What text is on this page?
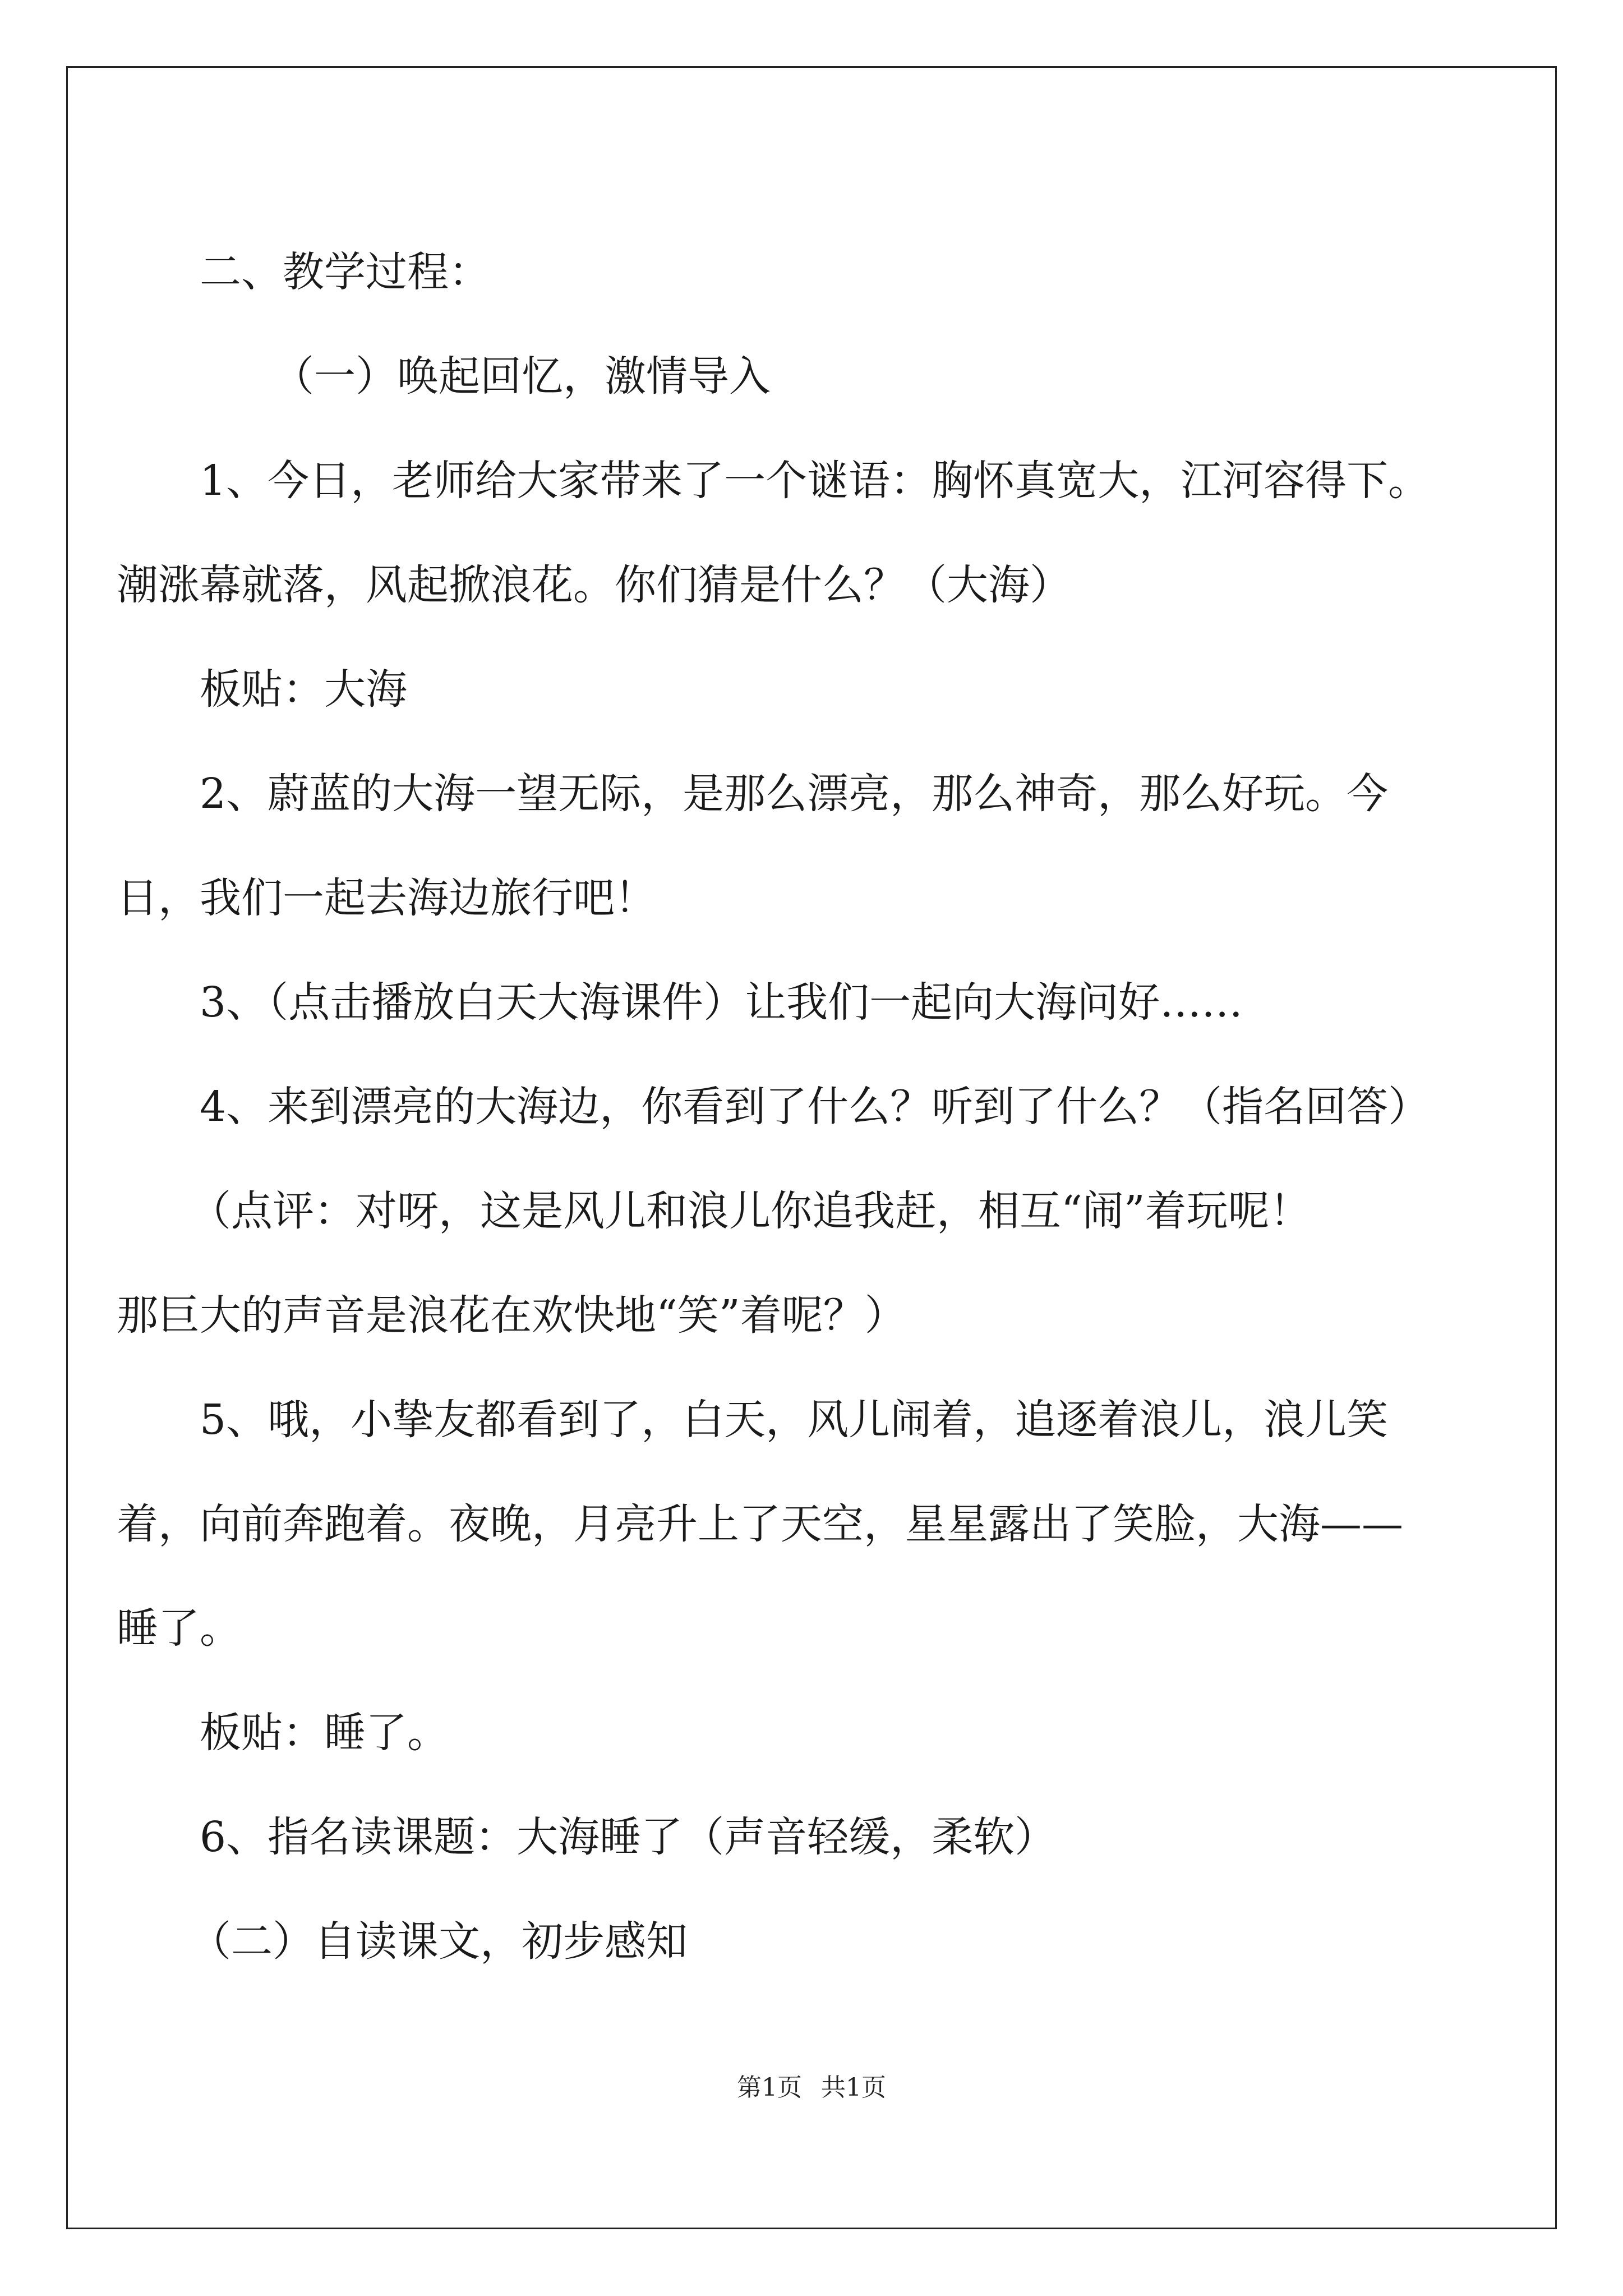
二、教学过程：

（一）唤起回忆，激情导入

1、今日，老师给大家带来了一个谜语：胸怀真宽大，江河容得下。

潮涨幕就落，风起掀浪花。你们猜是什么？（大海）

板贴：大海

2、蔚蓝的大海一望无际，是那么漂亮，那么神奇，那么好玩。今

日，我们一起去海边旅行吧！

3、（点击播放白天大海课件）让我们一起向大海问好……

4、来到漂亮的大海边，你看到了什么？听到了什么？（指名回答）

（点评：对呀，这是风儿和浪儿你追我赶，相互“闹”着玩呢！

那巨大的声音是浪花在欢快地“笑”着呢？）

5、哦，小挚友都看到了，白天，风儿闹着，追逐着浪儿，浪儿笑

着，向前奔跑着。夜晚，月亮升上了天空，星星露出了笑脸，大海——

睡了。

板贴：睡了。

6、指名读课题：大海睡了（声音轻缓，柔软）

（二）自读课文，初步感知

第1页 共1页
